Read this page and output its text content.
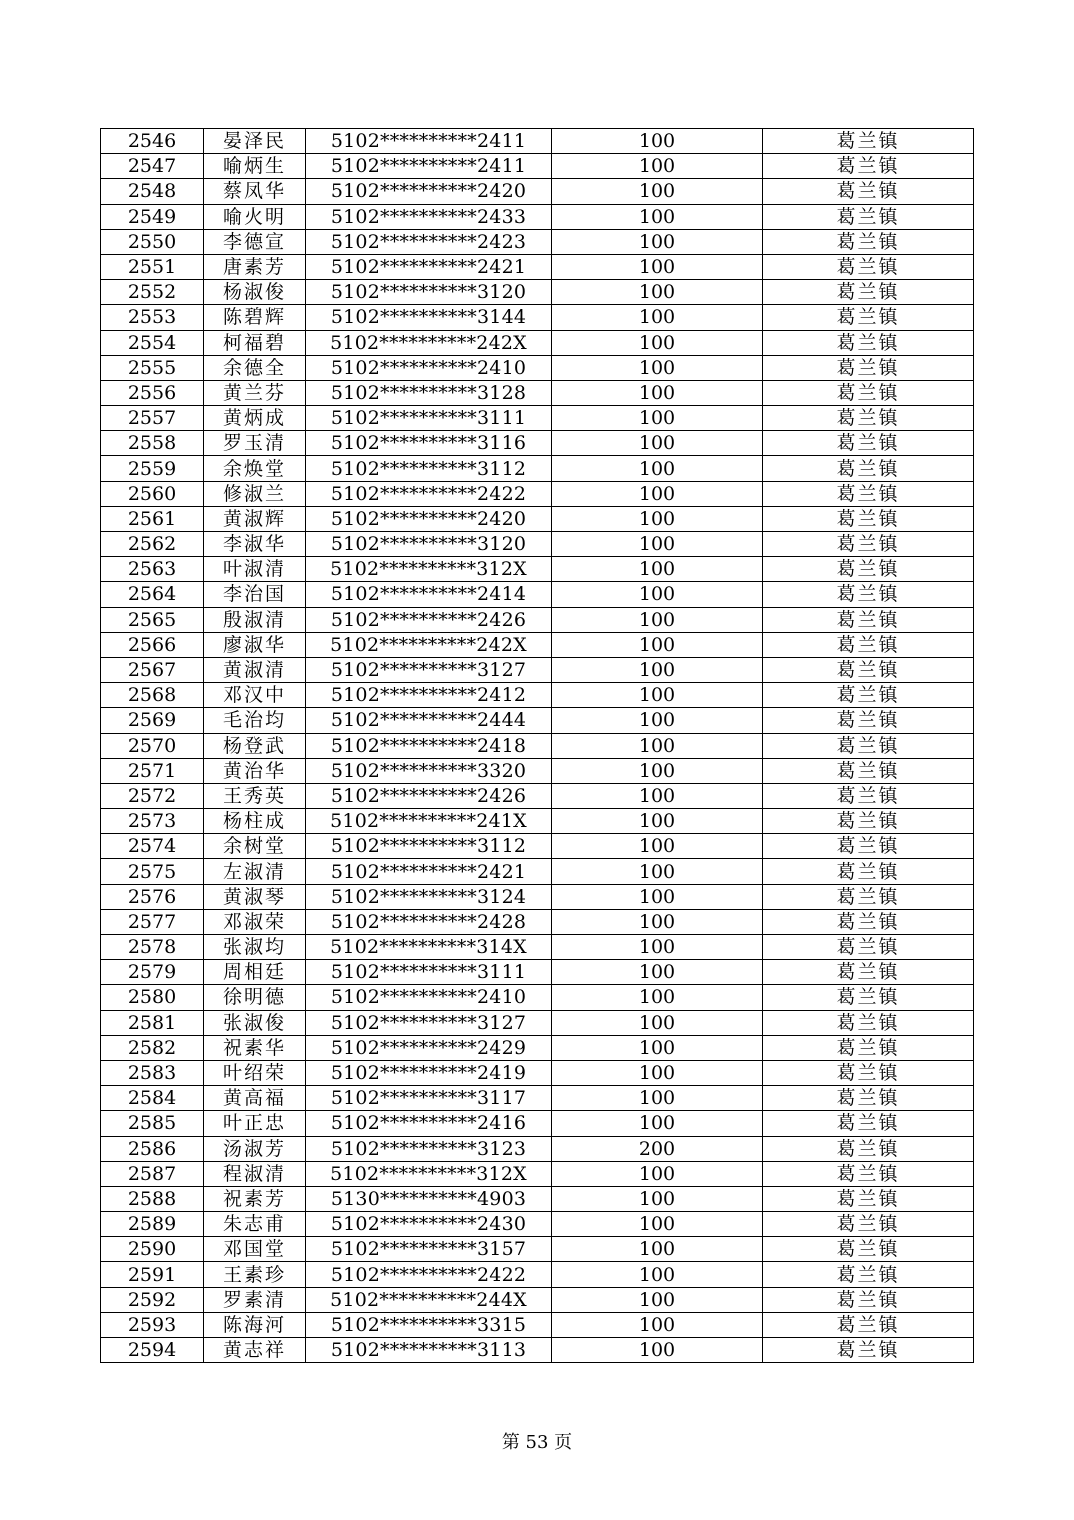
2546	晏泽民	5102**********2411	100	葛兰镇
2547	喻炳生	5102**********2411	100	葛兰镇
2548	蔡凤华	5102**********2420	100	葛兰镇
2549	喻火明	5102**********2433	100	葛兰镇
2550	李德宣	5102**********2423	100	葛兰镇
2551	唐素芳	5102**********2421	100	葛兰镇
2552	杨淑俊	5102**********3120	100	葛兰镇
2553	陈碧辉	5102**********3144	100	葛兰镇
2554	柯福碧	5102**********242X	100	葛兰镇
2555	余德全	5102**********2410	100	葛兰镇
2556	黄兰芬	5102**********3128	100	葛兰镇
2557	黄炳成	5102**********3111	100	葛兰镇
2558	罗玉清	5102**********3116	100	葛兰镇
2559	余焕堂	5102**********3112	100	葛兰镇
2560	修淑兰	5102**********2422	100	葛兰镇
2561	黄淑辉	5102**********2420	100	葛兰镇
2562	李淑华	5102**********3120	100	葛兰镇
2563	叶淑清	5102**********312X	100	葛兰镇
2564	李治国	5102**********2414	100	葛兰镇
2565	殷淑清	5102**********2426	100	葛兰镇
2566	廖淑华	5102**********242X	100	葛兰镇
2567	黄淑清	5102**********3127	100	葛兰镇
2568	邓汉中	5102**********2412	100	葛兰镇
2569	毛治均	5102**********2444	100	葛兰镇
2570	杨登武	5102**********2418	100	葛兰镇
2571	黄治华	5102**********3320	100	葛兰镇
2572	王秀英	5102**********2426	100	葛兰镇
2573	杨柱成	5102**********241X	100	葛兰镇
2574	余树堂	5102**********3112	100	葛兰镇
2575	左淑清	5102**********2421	100	葛兰镇
2576	黄淑琴	5102**********3124	100	葛兰镇
2577	邓淑荣	5102**********2428	100	葛兰镇
2578	张淑均	5102**********314X	100	葛兰镇
2579	周相廷	5102**********3111	100	葛兰镇
2580	徐明德	5102**********2410	100	葛兰镇
2581	张淑俊	5102**********3127	100	葛兰镇
2582	祝素华	5102**********2429	100	葛兰镇
2583	叶绍荣	5102**********2419	100	葛兰镇
2584	黄高福	5102**********3117	100	葛兰镇
2585	叶正忠	5102**********2416	100	葛兰镇
2586	汤淑芳	5102**********3123	200	葛兰镇
2587	程淑清	5102**********312X	100	葛兰镇
2588	祝素芳	5130**********4903	100	葛兰镇
2589	朱志甫	5102**********2430	100	葛兰镇
2590	邓国堂	5102**********3157	100	葛兰镇
2591	王素珍	5102**********2422	100	葛兰镇
2592	罗素清	5102**********244X	100	葛兰镇
2593	陈海河	5102**********3315	100	葛兰镇
2594	黄志祥	5102**********3113	100	葛兰镇
第 53 页
